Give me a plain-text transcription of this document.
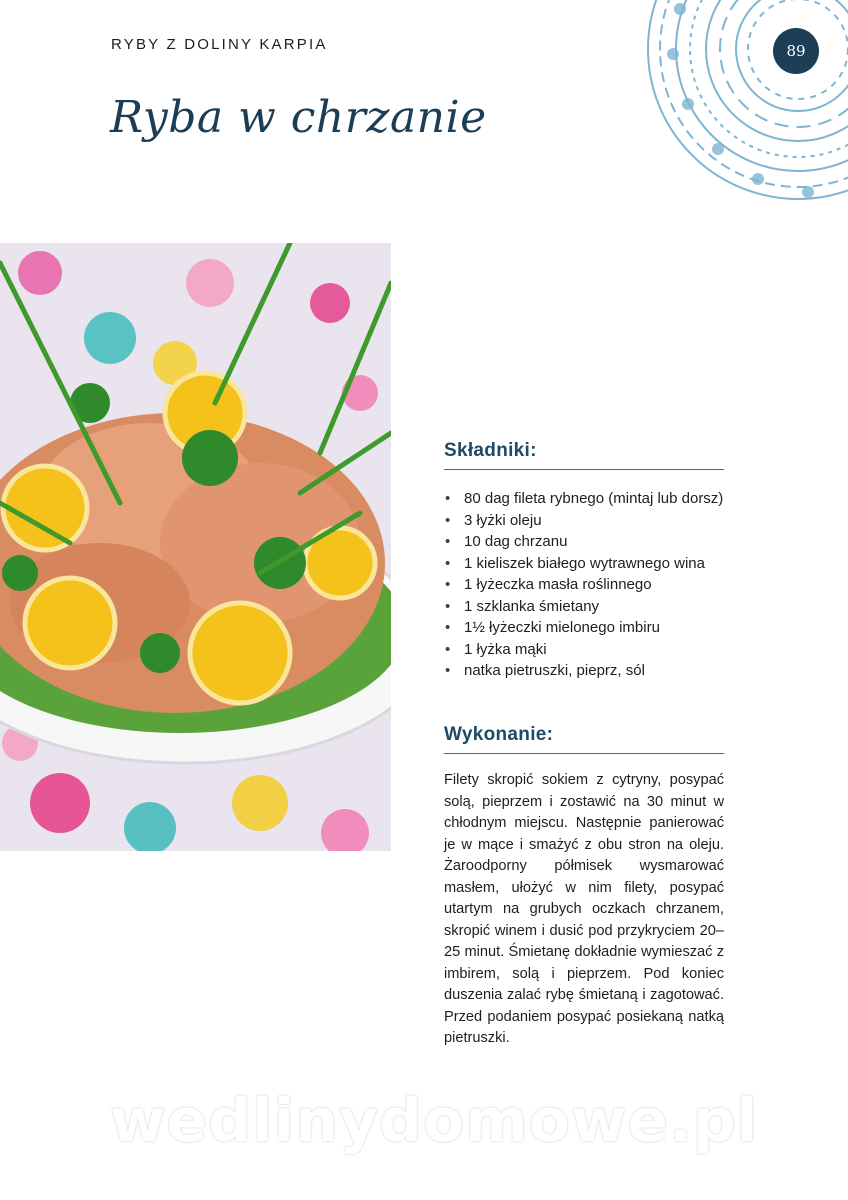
RYBY Z DOLINY KARPIA
Ryba w chrzanie
89
Składniki:
• 80 dag fileta rybnego (mintaj lub dorsz)
• 3 łyżki oleju
• 10 dag chrzanu
• 1 kieliszek białego wytrawnego wina
• 1 łyżeczka masła roślinnego
• 1 szklanka śmietany
• 1½ łyżeczki mielonego imbiru
• 1 łyżka mąki
• natka pietruszki, pieprz, sól
Wykonanie:

Filety skropić sokiem z cytryny, posypać solą, pieprzem i zostawić na 30 minut w chłodnym miejscu. Następnie panierować je w mące i smażyć z obu stron na oleju. Żaroodporny półmisek wysmarować masłem, ułożyć w nim filety, posypać utartym na grubych oczkach chrzanem, skropić winem i dusić pod przykryciem 20–25 minut. Śmietanę dokładnie wymieszać z imbirem, solą i pieprzem. Pod koniec duszenia zalać rybę śmietaną i zagotować. Przed podaniem posypać posiekaną natką pietruszki.

wedlinydomowe.pl
